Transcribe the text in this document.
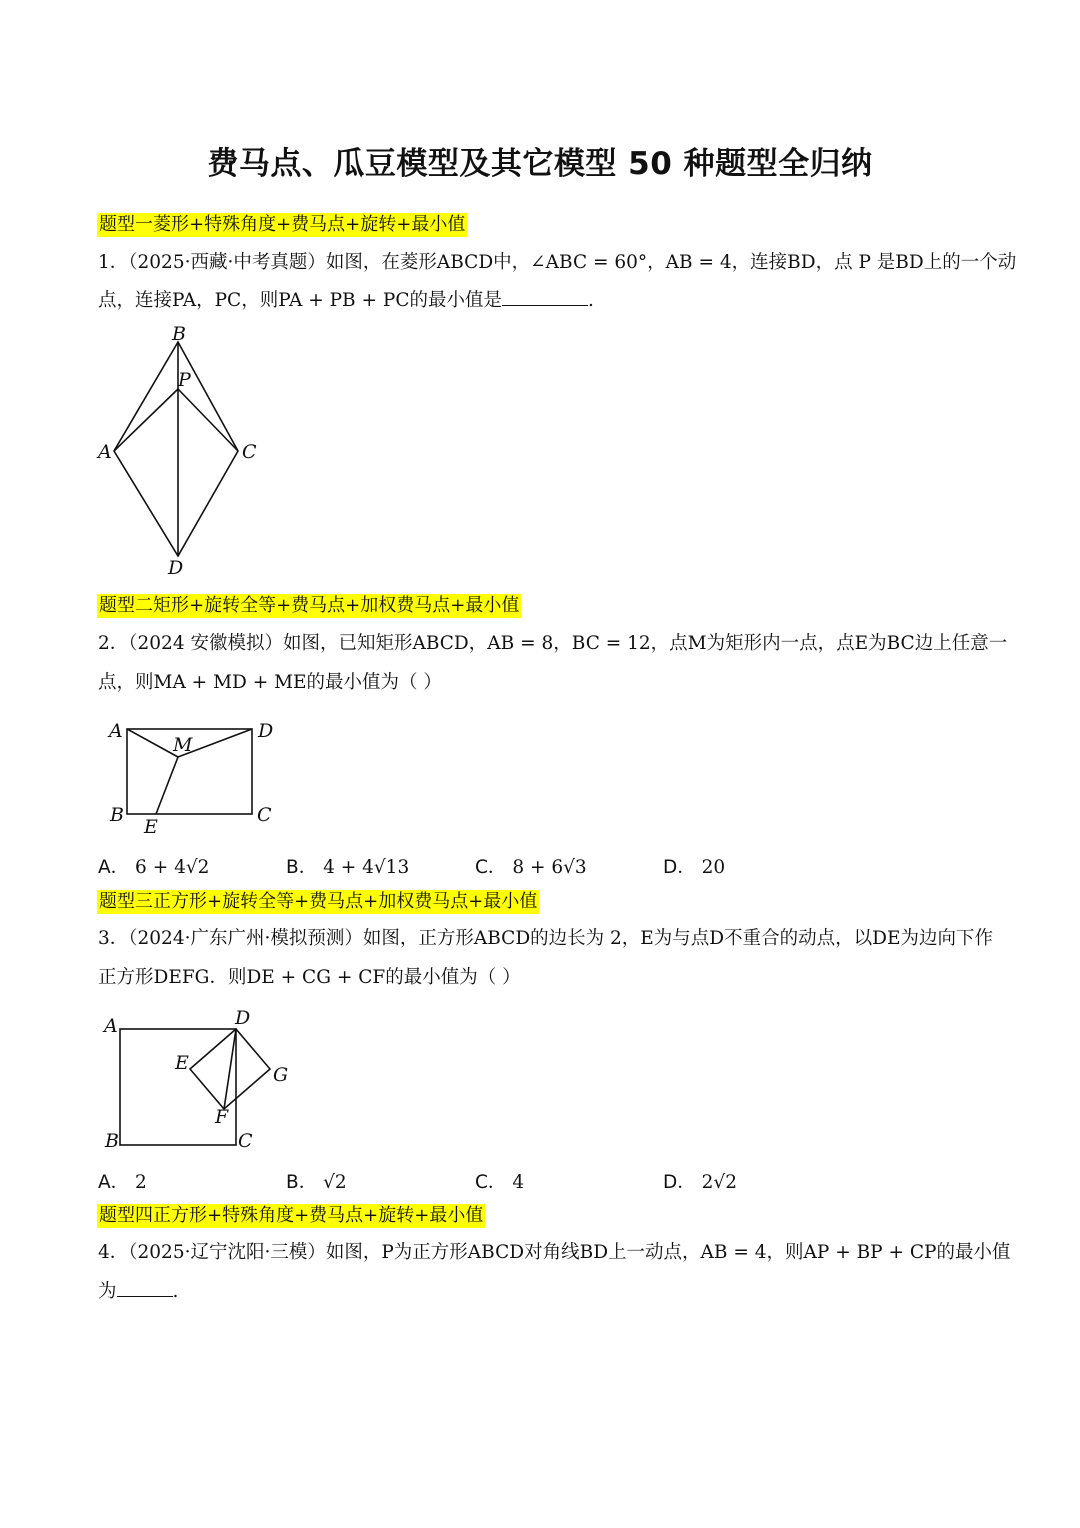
费马点、瓜豆模型及其它模型 50 种题型全归纳
题型一菱形+特殊角度+费马点+旋转+最小值
1．（2025·西藏·中考真题）如图，在菱形ABCD中，∠ABC = 60°，AB = 4，连接BD，点 P 是BD上的一个动
点，连接PA，PC，则PA + PB + PC的最小值是	.
B
P
A	C
D
题型二矩形+旋转全等+费马点+加权费马点+最小值
2．（2024 安徽模拟）如图，已知矩形ABCD，AB = 8，BC = 12，点M为矩形内一点，点E为BC边上任意一
点，则MA + MD + ME的最小值为（ ）
A
M
D
B
E
C
A． 6 + 4√2	B． 4 + 4√13	C． 8 + 6√3	D． 20
题型三正方形+旋转全等+费马点+加权费马点+最小值
3．（2024·广东广州·模拟预测）如图，正方形ABCD的边长为 2，E为与点D不重合的动点，以DE为边向下作
正方形DEFG．则DE + CG + CF的最小值为（ ）
A	D
E
G
F
B	C
A． 2	B． √2	C． 4	D． 2√2
题型四正方形+特殊角度+费马点+旋转+最小值
4．（2025·辽宁沈阳·三模）如图，P为正方形ABCD对角线BD上一动点，AB = 4，则AP + BP + CP的最小值
为	.
